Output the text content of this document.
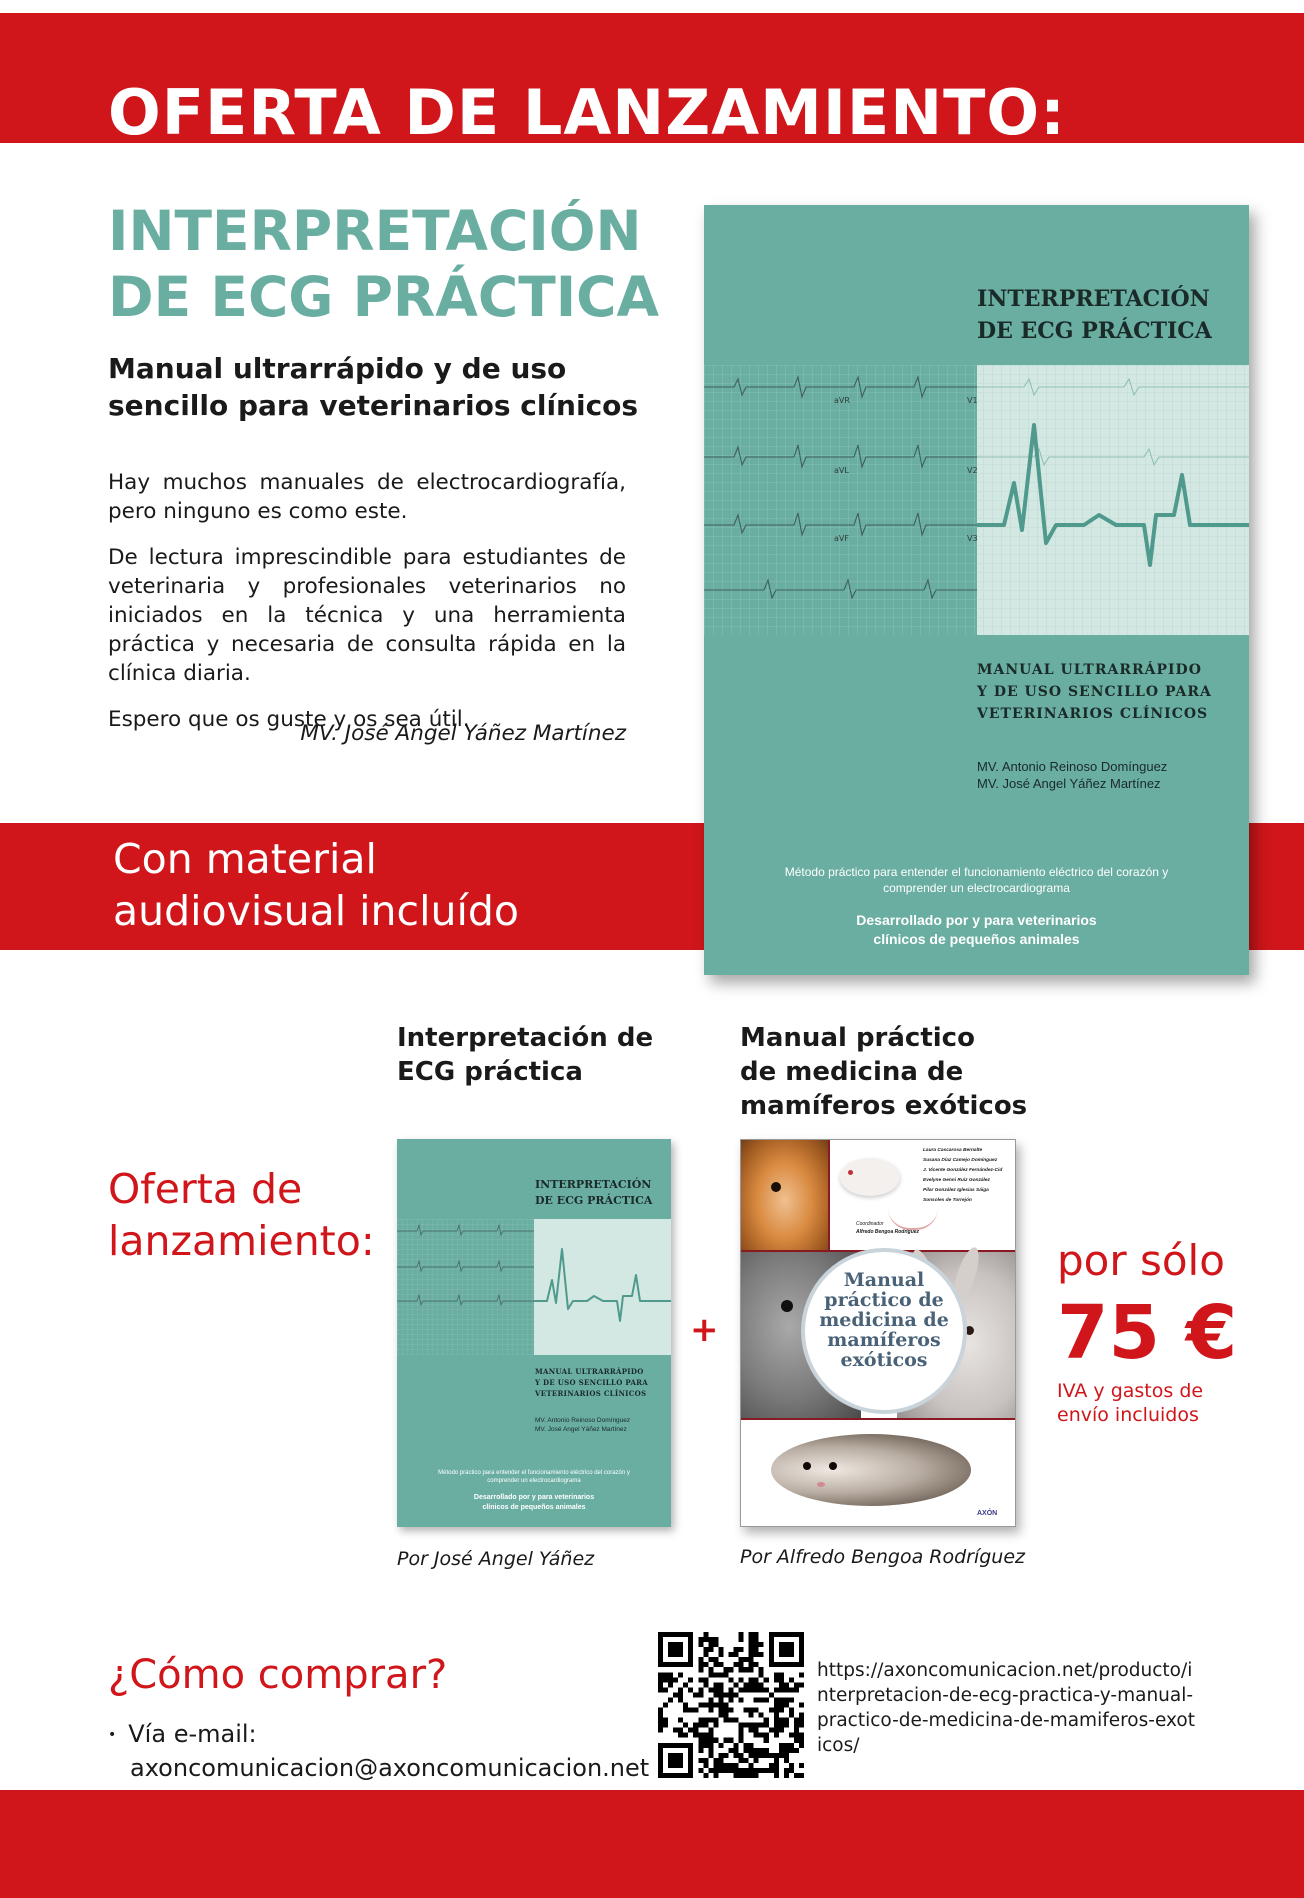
OFERTA DE LANZAMIENTO:
INTERPRETACIÓN
DE ECG PRÁCTICA
Manual ultrarrápido y de uso sencillo para veterinarios clínicos

Hay muchos manuales de electrocardiografía, pero ninguno es como este.

De lectura imprescindible para estudiantes de veterinaria y profesionales veterinarios no iniciados en la técnica y una herramienta práctica y necesaria de consulta rápida en la clínica diaria.

Espero que os guste y os sea útil.

MV. José Angel Yáñez Martínez
Con material
audiovisual incluído
INTERPRETACIÓN
DE ECG PRÁCTICA
aVR
aVL
aVF
V1
V2
V3
MANUAL ULTRARRÁPIDO
Y DE USO SENCILLO PARA
VETERINARIOS CLÍNICOS
MV. Antonio Reinoso Domínguez
MV. José Angel Yáñez Martínez
Método práctico para entender el funcionamiento eléctrico del corazón y comprender un electrocardiograma
Desarrollado por y para veterinarios
clínicos de pequeños animales
Interpretación de
ECG práctica
Manual práctico
de medicina de
mamíferos exóticos
Oferta de
lanzamiento:
INTERPRETACIÓN
DE ECG PRÁCTICA
MANUAL ULTRARRÁPIDO
Y DE USO SENCILLO PARA
VETERINARIOS CLÍNICOS
MV. Antonio Reinoso Domínguez
MV. José Angel Yáñez Martínez
Método práctico para entender el funcionamiento eléctrico del corazón y comprender un electrocardiograma
Desarrollado por y para veterinarios
clínicos de pequeños animales
Por José Angel Yáñez
+
Laura Cascarosa Bernalte
Susana Díaz Camejo Domínguez
J. Vicente González Fernández-Cid
Evelyne Genni Ruiz González
Pilar González Iglesias Sáiga
Sonsoles de Torrejón
Coordinador
Alfredo Bengoa Rodríguez
Manual
práctico de
medicina de
mamíferos
exóticos
AXÓN
Por Alfredo Bengoa Rodríguez
por sólo
75 €
IVA y gastos de envío incluidos
¿Cómo comprar?
• Vía e-mail:
axoncomunicacion@axoncomunicacion.net
https://axoncomunicacion.net/producto/interpretacion-de-ecg-practica-y-manual-practico-de-medicina-de-mamiferos-exoticos/
